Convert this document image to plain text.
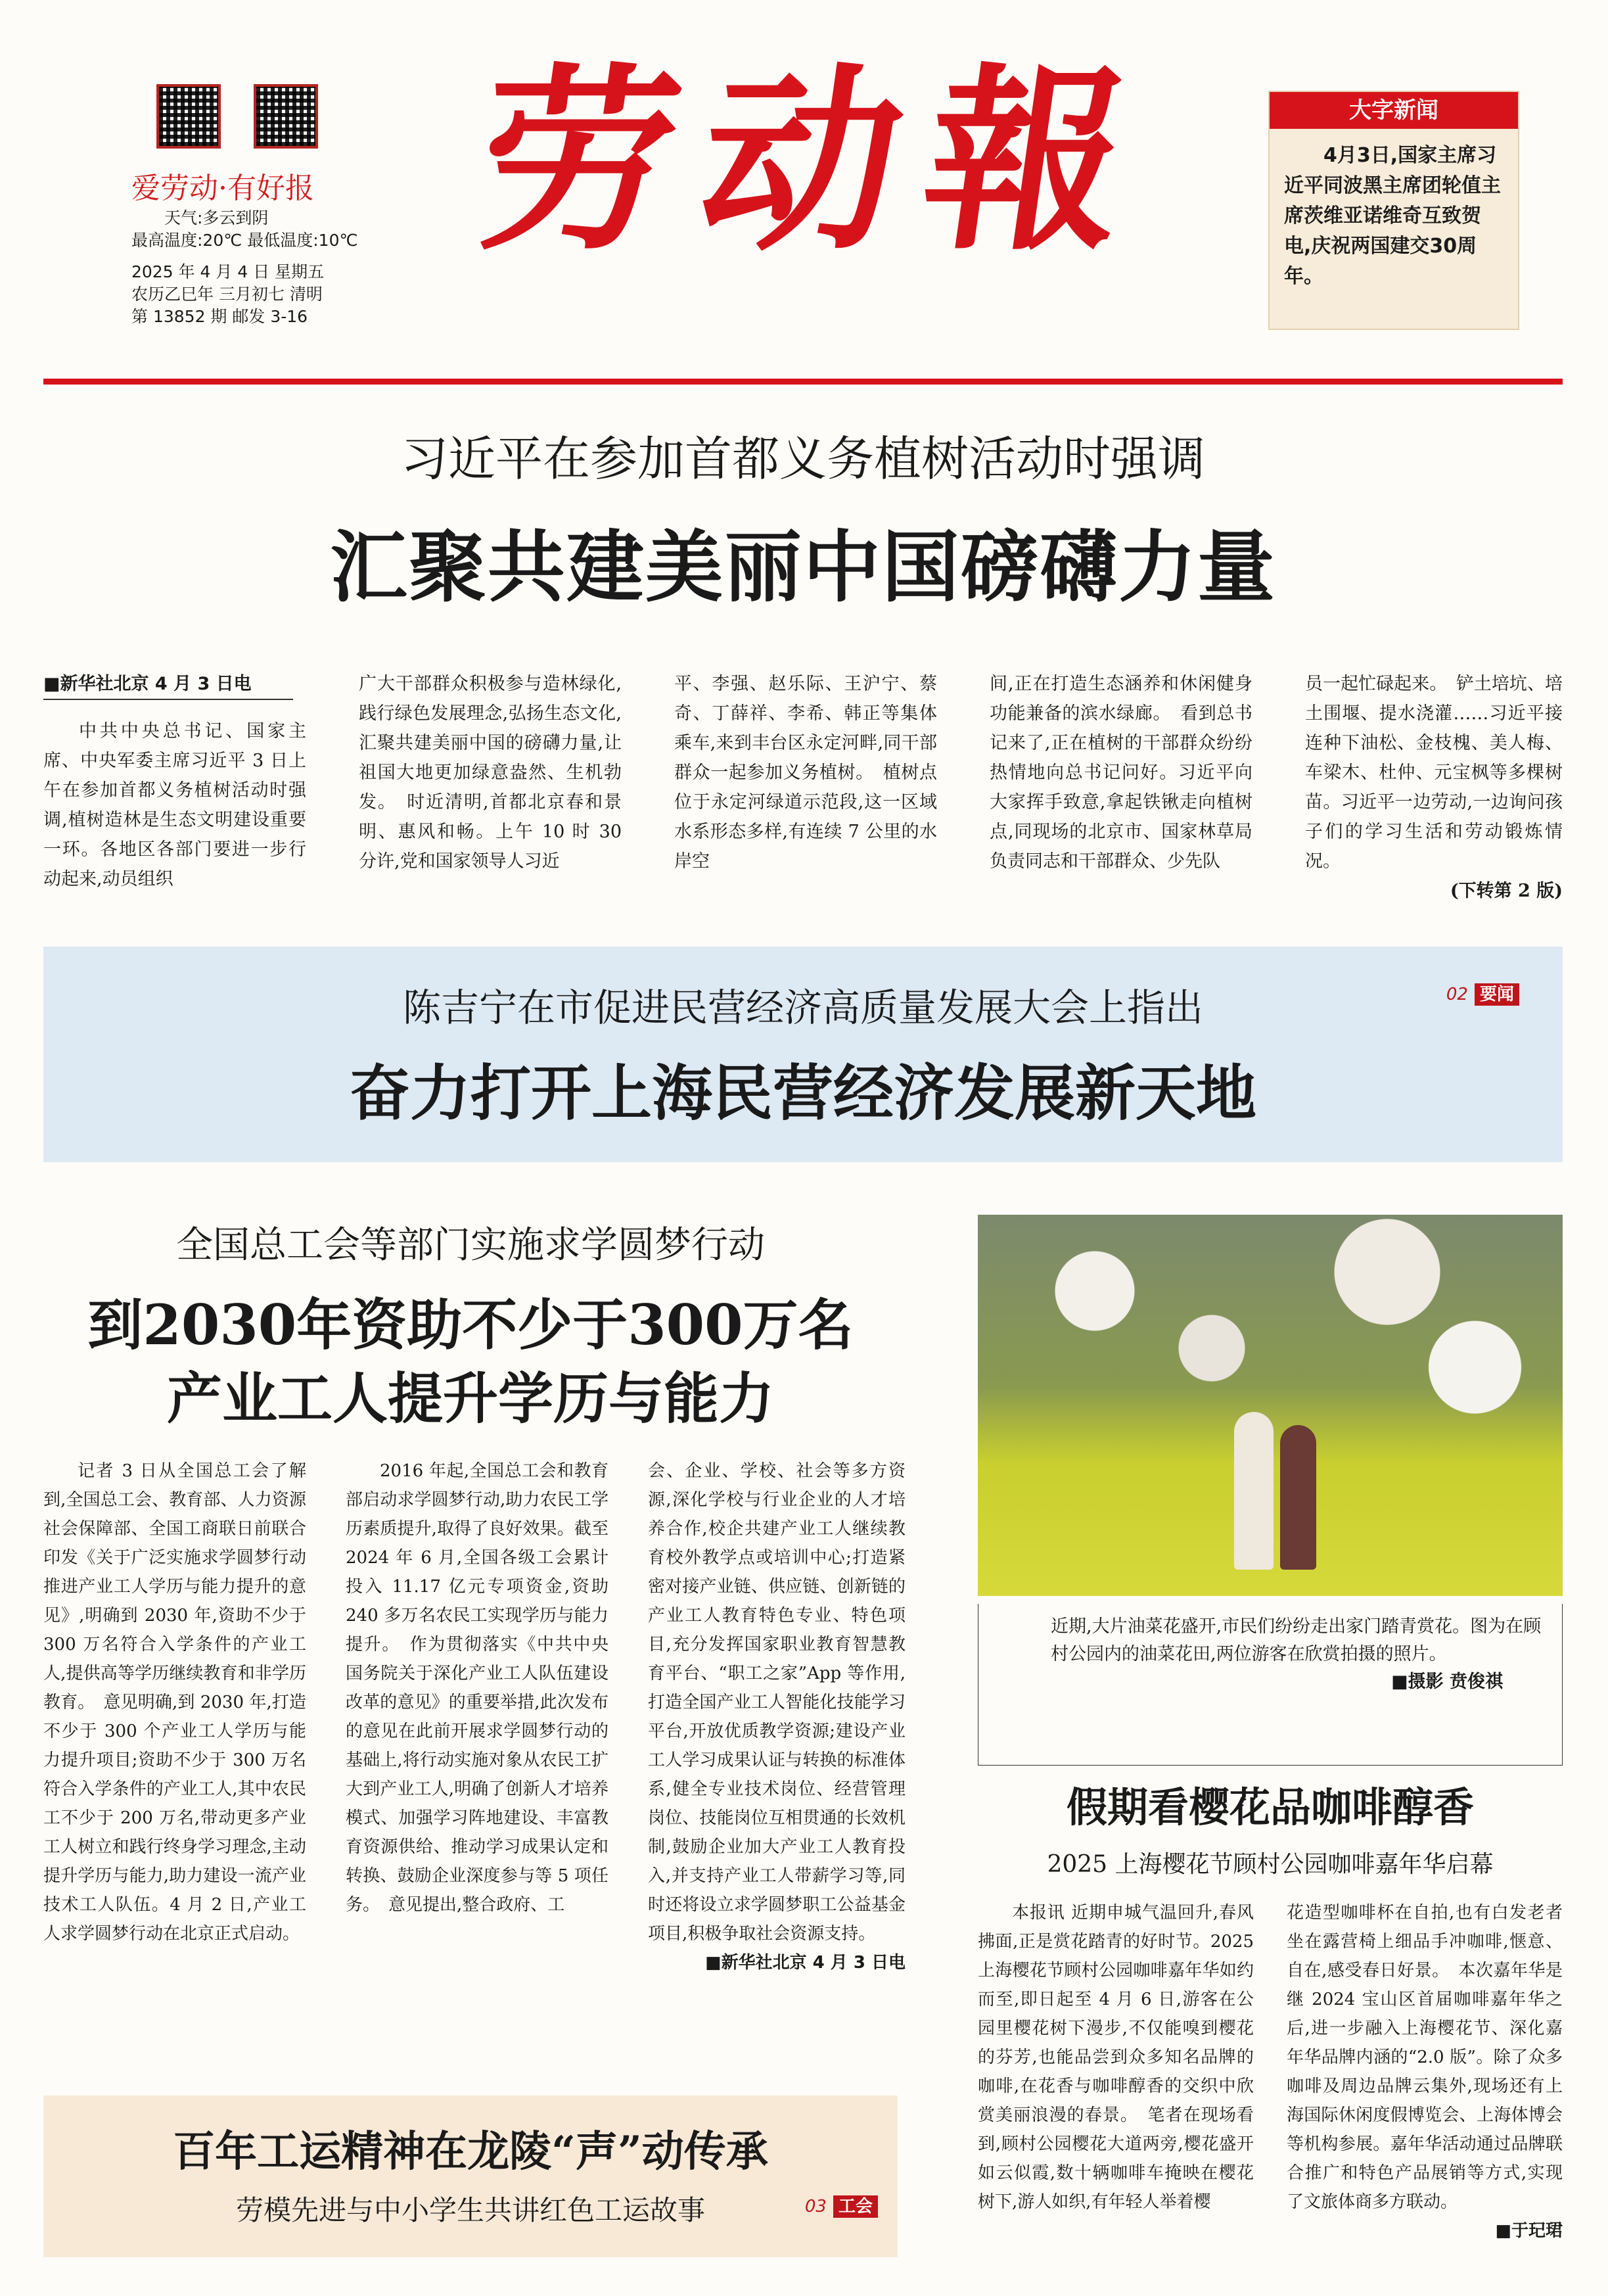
爱劳动·有好报
天气:多云到阴
最高温度:20℃ 最低温度:10℃
2025 年 4 月 4 日 星期五
农历乙巳年 三月初七 清明
第 13852 期 邮发 3-16
劳动報	大字新闻
4月3日,国家主席习近平同波黑主席团轮值主席茨维亚诺维奇互致贺电,庆祝两国建交30周年。
习近平在参加首都义务植树活动时强调
汇聚共建美丽中国磅礴力量
■新华社北京 4 月 3 日电

中共中央总书记、国家主席、中央军委主席习近平 3 日上午在参加首都义务植树活动时强调,植树造林是生态文明建设重要一环。各地区各部门要进一步行动起来,动员组织

广大干部群众积极参与造林绿化,践行绿色发展理念,弘扬生态文化,汇聚共建美丽中国的磅礴力量,让祖国大地更加绿意盎然、生机勃发。　时近清明,首都北京春和景明、惠风和畅。上午 10 时 30 分许,党和国家领导人习近

平、李强、赵乐际、王沪宁、蔡奇、丁薛祥、李希、韩正等集体乘车,来到丰台区永定河畔,同干部群众一起参加义务植树。　植树点位于永定河绿道示范段,这一区域水系形态多样,有连续 7 公里的水岸空

间,正在打造生态涵养和休闲健身功能兼备的滨水绿廊。　看到总书记来了,正在植树的干部群众纷纷热情地向总书记问好。习近平向大家挥手致意,拿起铁锹走向植树点,同现场的北京市、国家林草局负责同志和干部群众、少先队

员一起忙碌起来。　铲土培坑、培土围堰、提水浇灌……习近平接连种下油松、金枝槐、美人梅、车梁木、杜仲、元宝枫等多棵树苗。习近平一边劳动,一边询问孩子们的学习生活和劳动锻炼情况。

(下转第 2 版)
陈吉宁在市促进民营经济高质量发展大会上指出
奋力打开上海民营经济发展新天地
02 要闻
全国总工会等部门实施求学圆梦行动
到2030年资助不少于300万名
产业工人提升学历与能力

记者 3 日从全国总工会了解到,全国总工会、教育部、人力资源社会保障部、全国工商联日前联合印发《关于广泛实施求学圆梦行动 推进产业工人学历与能力提升的意见》,明确到 2030 年,资助不少于 300 万名符合入学条件的产业工人,提供高等学历继续教育和非学历教育。　意见明确,到 2030 年,打造不少于 300 个产业工人学历与能力提升项目;资助不少于 300 万名符合入学条件的产业工人,其中农民工不少于 200 万名,带动更多产业工人树立和践行终身学习理念,主动提升学历与能力,助力建设一流产业技术工人队伍。4 月 2 日,产业工人求学圆梦行动在北京正式启动。

2016 年起,全国总工会和教育部启动求学圆梦行动,助力农民工学历素质提升,取得了良好效果。截至 2024 年 6 月,全国各级工会累计投入 11.17 亿元专项资金,资助 240 多万名农民工实现学历与能力提升。　作为贯彻落实《中共中央 国务院关于深化产业工人队伍建设改革的意见》的重要举措,此次发布的意见在此前开展求学圆梦行动的基础上,将行动实施对象从农民工扩大到产业工人,明确了创新人才培养模式、加强学习阵地建设、丰富教育资源供给、推动学习成果认定和转换、鼓励企业深度参与等 5 项任务。　意见提出,整合政府、工

会、企业、学校、社会等多方资源,深化学校与行业企业的人才培养合作,校企共建产业工人继续教育校外教学点或培训中心;打造紧密对接产业链、供应链、创新链的产业工人教育特色专业、特色项目,充分发挥国家职业教育智慧教育平台、“职工之家”App 等作用,打造全国产业工人智能化技能学习平台,开放优质教学资源;建设产业工人学习成果认证与转换的标准体系,健全专业技术岗位、经营管理岗位、技能岗位互相贯通的长效机制,鼓励企业加大产业工人教育投入,并支持产业工人带薪学习等,同时还将设立求学圆梦职工公益基金项目,积极争取社会资源支持。

■新华社北京 4 月 3 日电
近期,大片油菜花盛开,市民们纷纷走出家门踏青赏花。图为在顾村公园内的油菜花田,两位游客在欣赏拍摄的照片。
■摄影 贲俊祺
假期看樱花品咖啡醇香
2025 上海樱花节顾村公园咖啡嘉年华启幕

本报讯 近期申城气温回升,春风拂面,正是赏花踏青的好时节。2025 上海樱花节顾村公园咖啡嘉年华如约而至,即日起至 4 月 6 日,游客在公园里樱花树下漫步,不仅能嗅到樱花的芬芳,也能品尝到众多知名品牌的咖啡,在花香与咖啡醇香的交织中欣赏美丽浪漫的春景。　笔者在现场看到,顾村公园樱花大道两旁,樱花盛开如云似霞,数十辆咖啡车掩映在樱花树下,游人如织,有年轻人举着樱

花造型咖啡杯在自拍,也有白发老者坐在露营椅上细品手冲咖啡,惬意、自在,感受春日好景。　本次嘉年华是继 2024 宝山区首届咖啡嘉年华之后,进一步融入上海樱花节、深化嘉年华品牌内涵的“2.0 版”。除了众多咖啡及周边品牌云集外,现场还有上海国际休闲度假博览会、上海体博会等机构参展。嘉年华活动通过品牌联合推广和特色产品展销等方式,实现了文旅体商多方联动。

■于玘珺
百年工运精神在龙陵“声”动传承
劳模先进与中小学生共讲红色工运故事	03 工会
